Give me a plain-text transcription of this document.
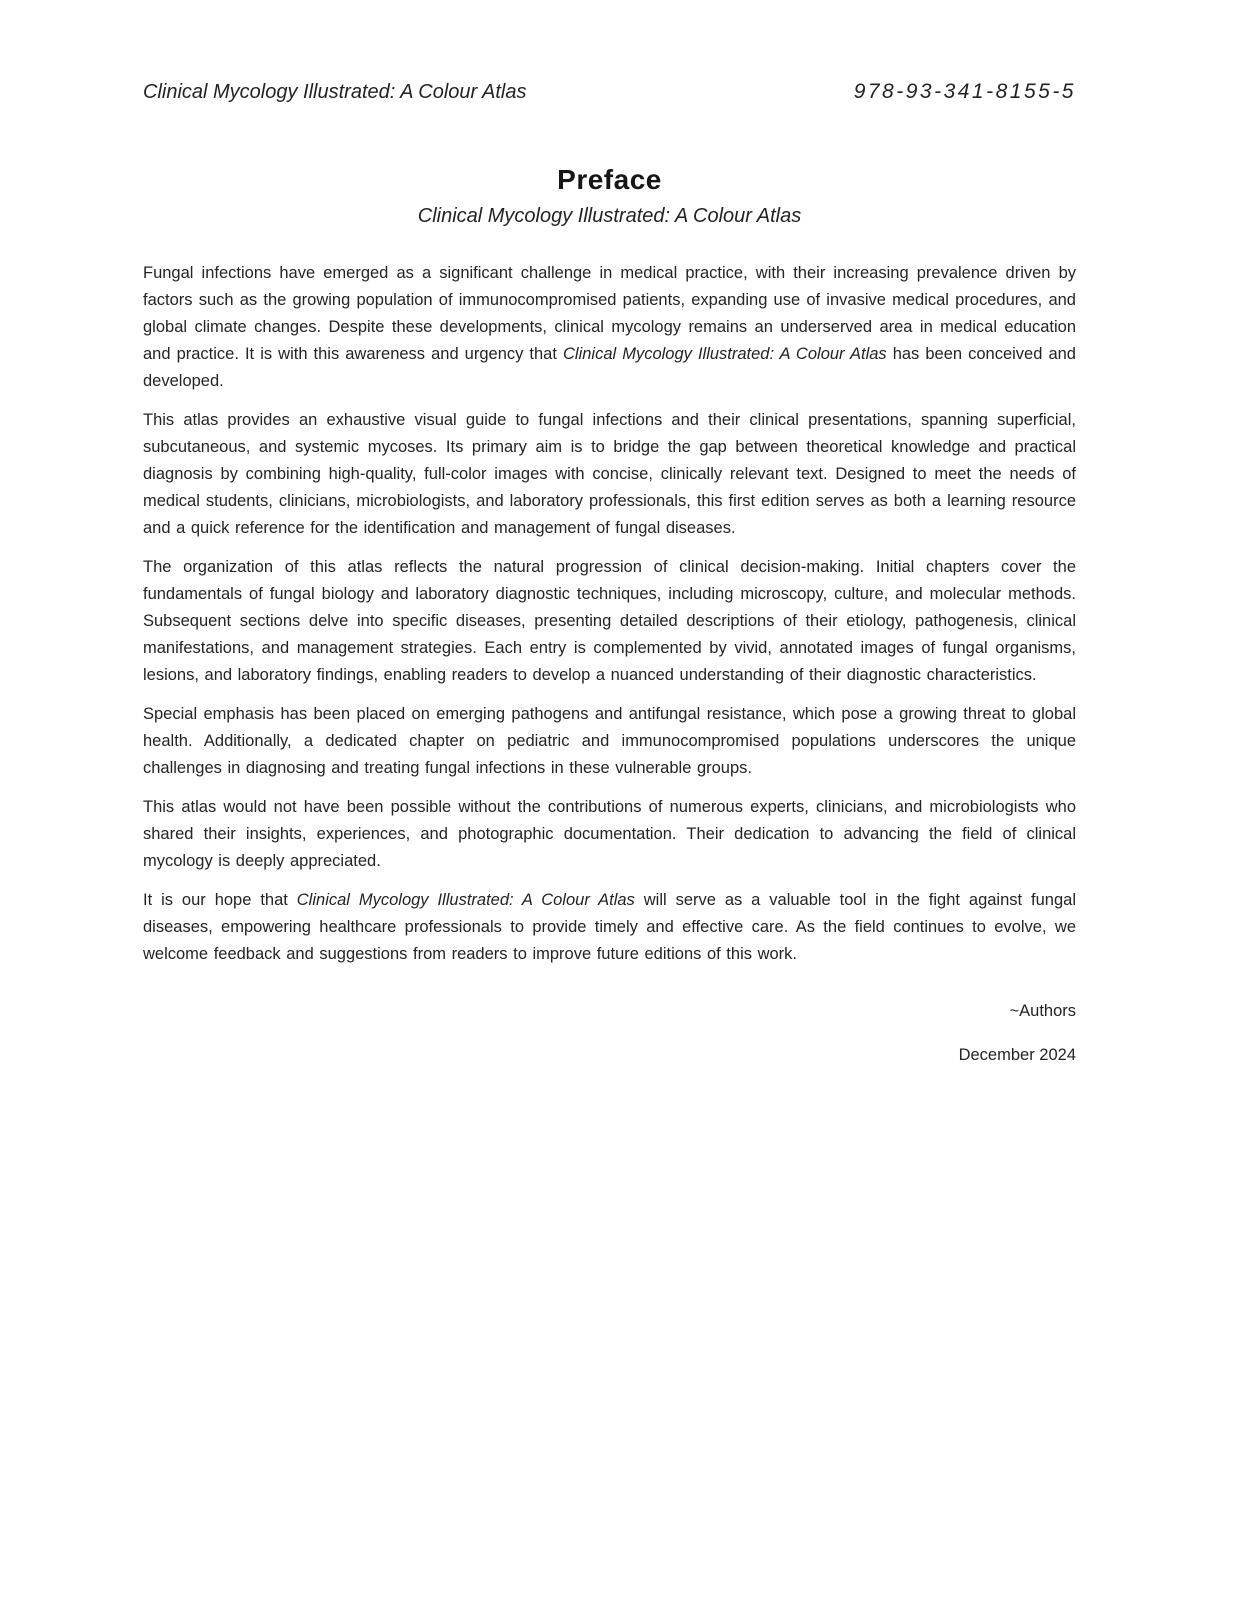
Clinical Mycology Illustrated: A Colour Atlas	978-93-341-8155-5
Preface
Clinical Mycology Illustrated: A Colour Atlas

Fungal infections have emerged as a significant challenge in medical practice, with their increasing prevalence driven by factors such as the growing population of immunocompromised patients, expanding use of invasive medical procedures, and global climate changes. Despite these developments, clinical mycology remains an underserved area in medical education and practice. It is with this awareness and urgency that Clinical Mycology Illustrated: A Colour Atlas has been conceived and developed.

This atlas provides an exhaustive visual guide to fungal infections and their clinical presentations, spanning superficial, subcutaneous, and systemic mycoses. Its primary aim is to bridge the gap between theoretical knowledge and practical diagnosis by combining high-quality, full-color images with concise, clinically relevant text. Designed to meet the needs of medical students, clinicians, microbiologists, and laboratory professionals, this first edition serves as both a learning resource and a quick reference for the identification and management of fungal diseases.

The organization of this atlas reflects the natural progression of clinical decision-making. Initial chapters cover the fundamentals of fungal biology and laboratory diagnostic techniques, including microscopy, culture, and molecular methods. Subsequent sections delve into specific diseases, presenting detailed descriptions of their etiology, pathogenesis, clinical manifestations, and management strategies. Each entry is complemented by vivid, annotated images of fungal organisms, lesions, and laboratory findings, enabling readers to develop a nuanced understanding of their diagnostic characteristics.

Special emphasis has been placed on emerging pathogens and antifungal resistance, which pose a growing threat to global health. Additionally, a dedicated chapter on pediatric and immunocompromised populations underscores the unique challenges in diagnosing and treating fungal infections in these vulnerable groups.

This atlas would not have been possible without the contributions of numerous experts, clinicians, and microbiologists who shared their insights, experiences, and photographic documentation. Their dedication to advancing the field of clinical mycology is deeply appreciated.

It is our hope that Clinical Mycology Illustrated: A Colour Atlas will serve as a valuable tool in the fight against fungal diseases, empowering healthcare professionals to provide timely and effective care. As the field continues to evolve, we welcome feedback and suggestions from readers to improve future editions of this work.

~Authors
December 2024
